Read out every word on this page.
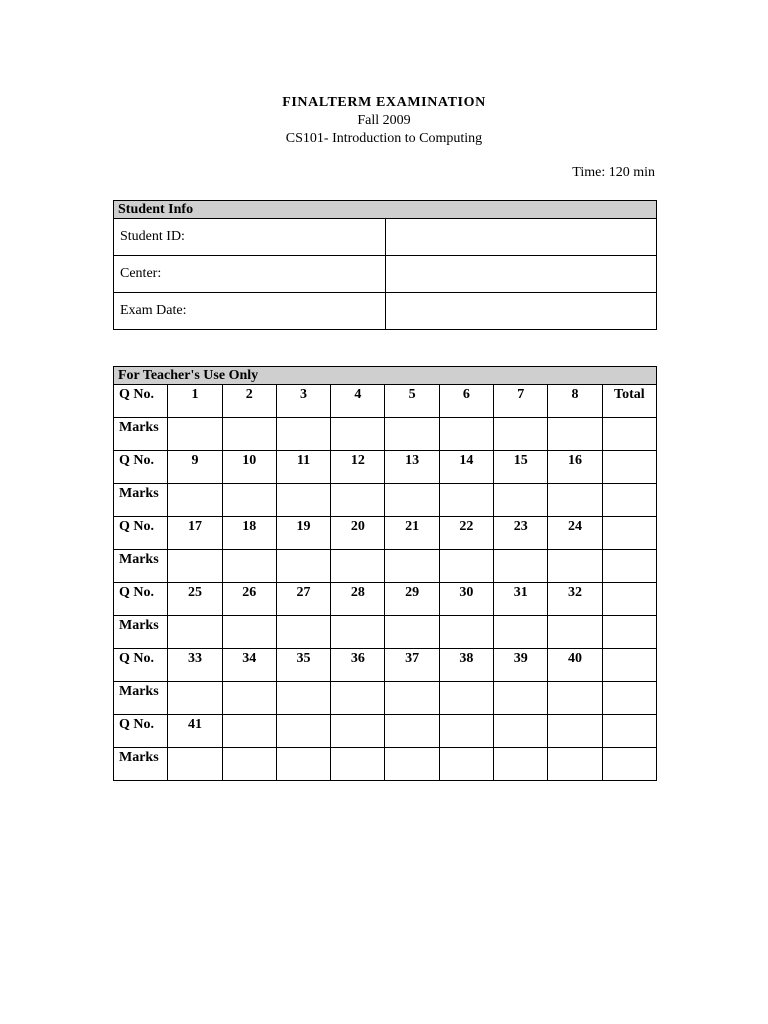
FINALTERM EXAMINATION
Fall 2009
CS101- Introduction to Computing
Time: 120 min
Student Info	
Student ID:	
Center:	
Exam Date:	
For Teacher's Use Only									
Q No.	1	2	3	4	5	6	7	8	Total
Marks									
Q No.	9	10	11	12	13	14	15	16	
Marks									
Q No.	17	18	19	20	21	22	23	24	
Marks									
Q No.	25	26	27	28	29	30	31	32	
Marks									
Q No.	33	34	35	36	37	38	39	40	
Marks									
Q No.	41								
Marks									
